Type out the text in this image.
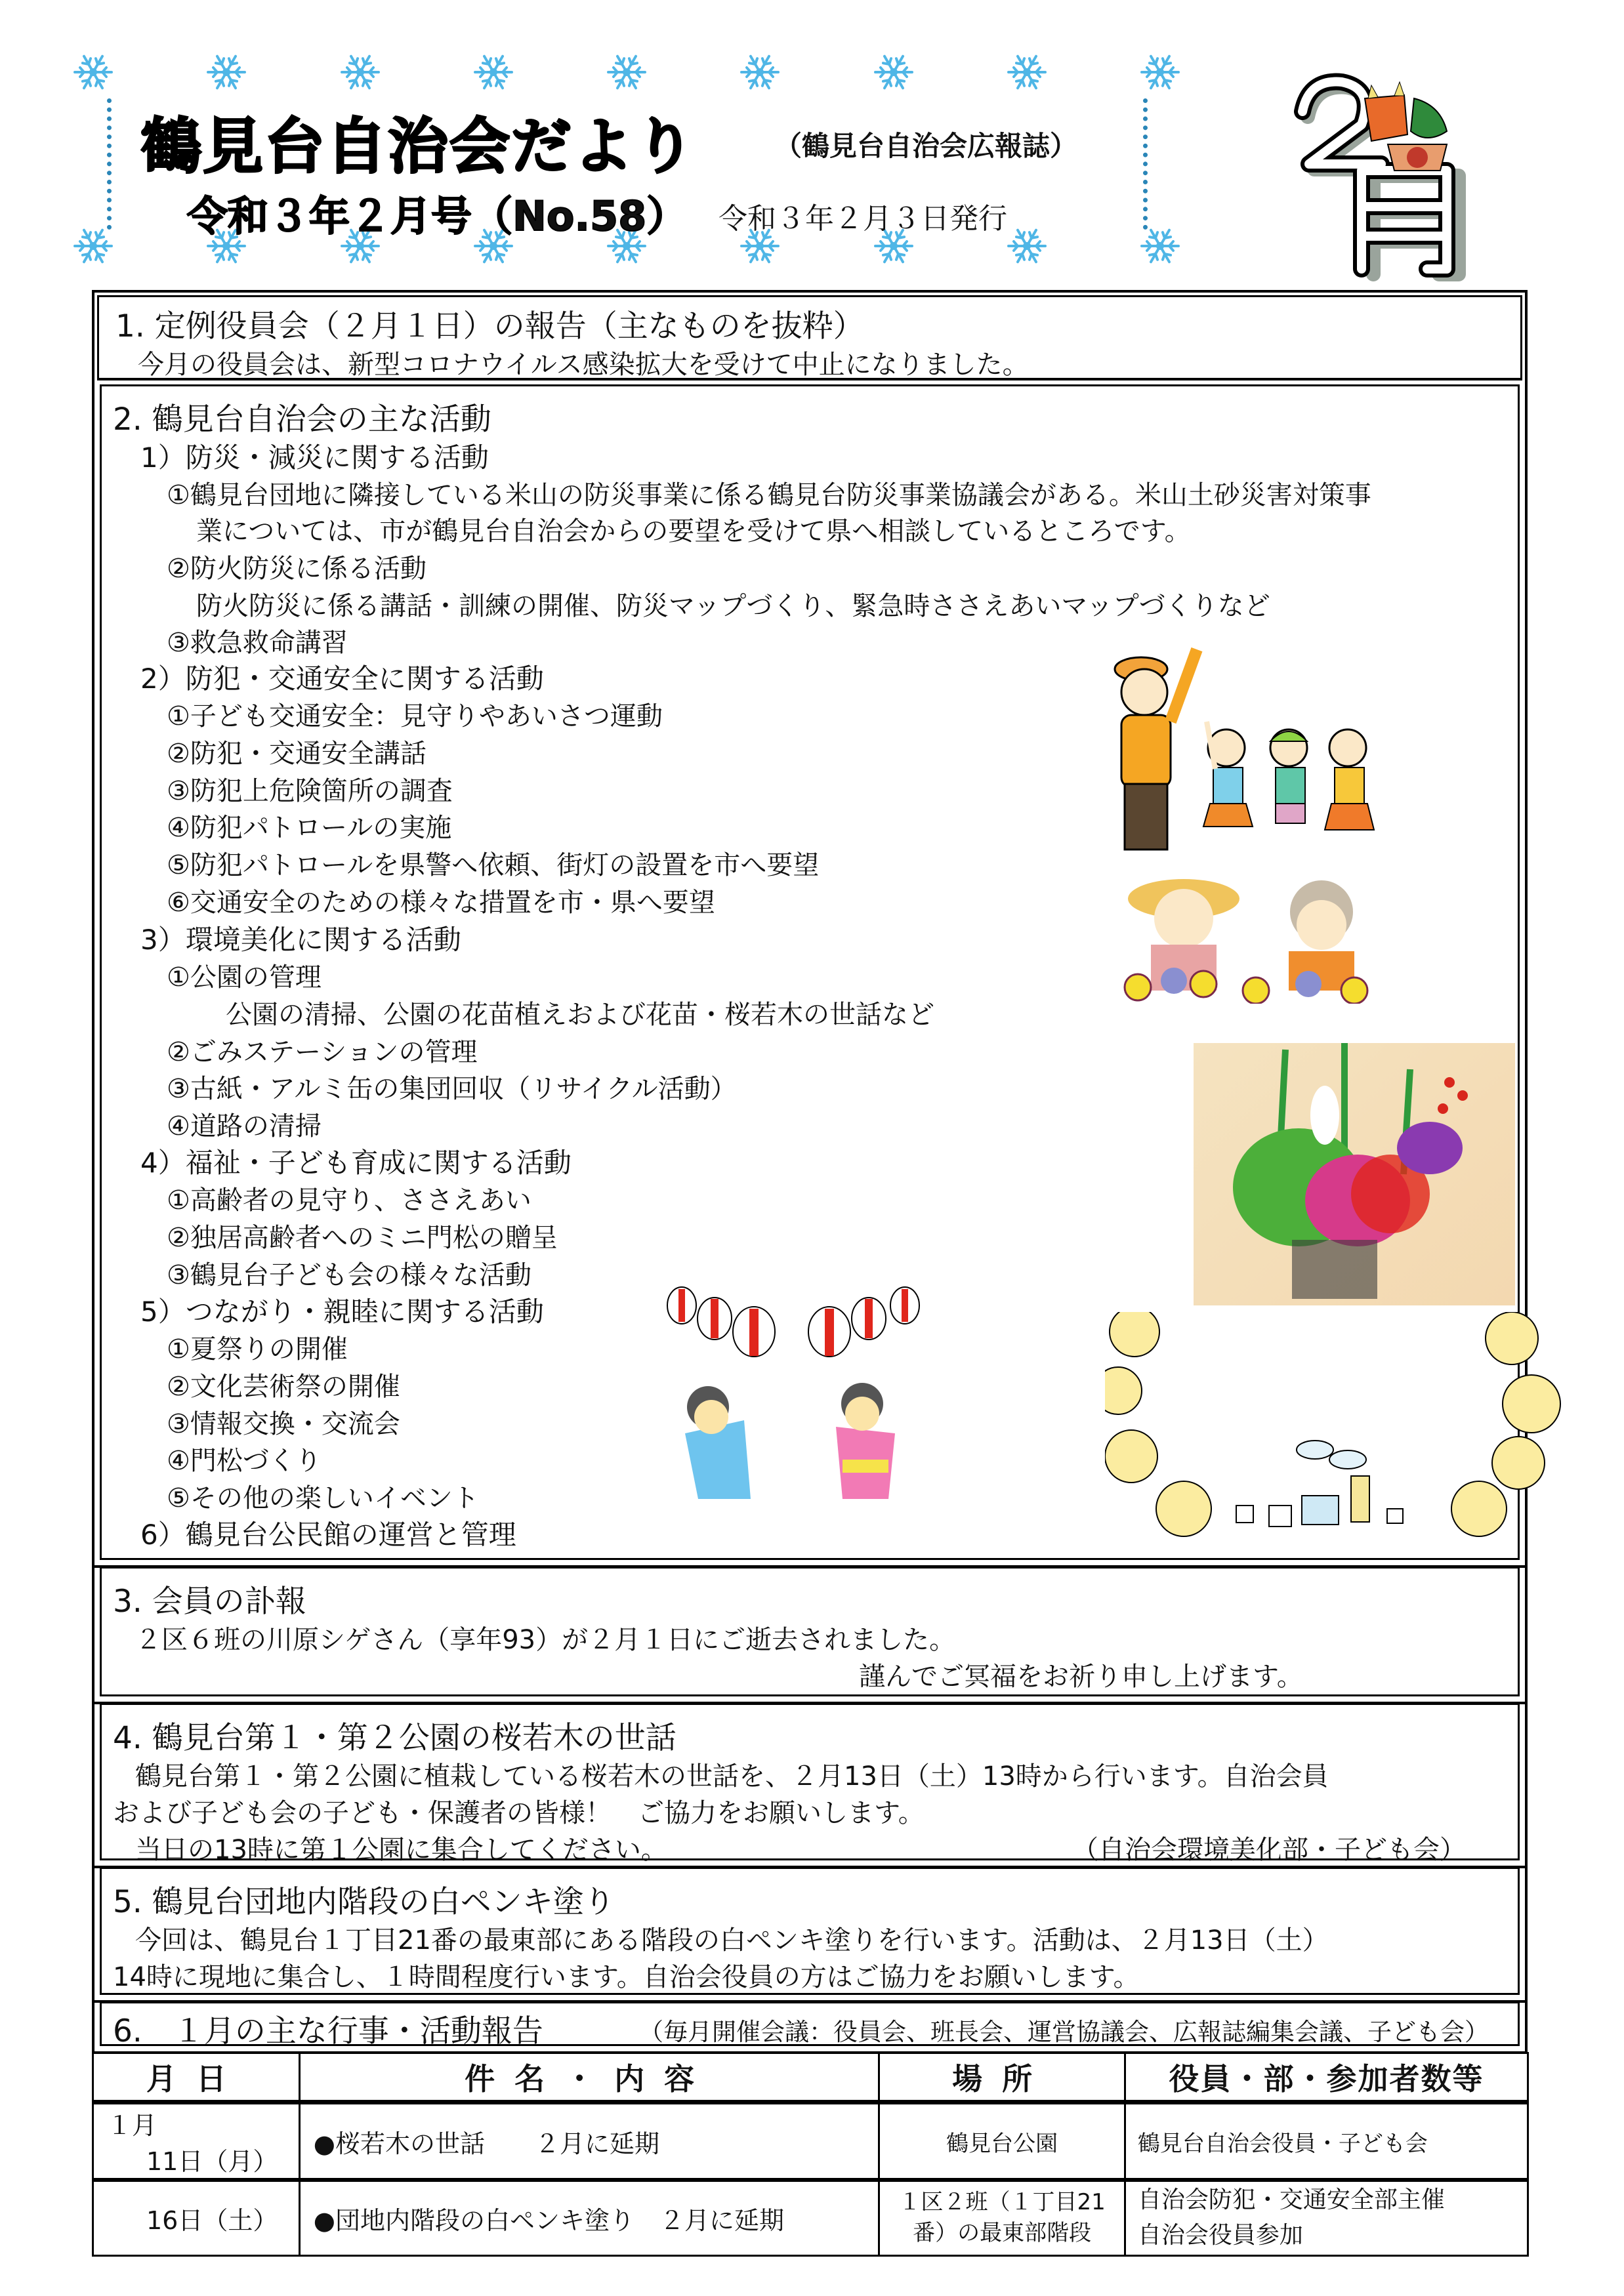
鶴見台自治会だより	（鶴見台自治会広報誌）
令和３年２月号（No.58） 令和３年２月３日発行
1. 定例役員会（２月１日）の報告（主なものを抜粋）
今月の役員会は、新型コロナウイルス感染拡大を受けて中止になりました。
2. 鶴見台自治会の主な活動
1）防災・減災に関する活動
①鶴見台団地に隣接している米山の防災事業に係る鶴見台防災事業協議会がある。米山土砂災害対策事
業については、市が鶴見台自治会からの要望を受けて県へ相談しているところです。
②防火防災に係る活動
防火防災に係る講話・訓練の開催、防災マップづくり、緊急時ささえあいマップづくりなど
③救急救命講習
2）防犯・交通安全に関する活動
①子ども交通安全：見守りやあいさつ運動
②防犯・交通安全講話
③防犯上危険箇所の調査
④防犯パトロールの実施
⑤防犯パトロールを県警へ依頼、街灯の設置を市へ要望
⑥交通安全のための様々な措置を市・県へ要望
3）環境美化に関する活動
①公園の管理
公園の清掃、公園の花苗植えおよび花苗・桜若木の世話など
②ごみステーションの管理
③古紙・アルミ缶の集団回収（リサイクル活動）
④道路の清掃
4）福祉・子ども育成に関する活動
①高齢者の見守り、ささえあい
②独居高齢者へのミニ門松の贈呈
③鶴見台子ども会の様々な活動
5）つながり・親睦に関する活動
①夏祭りの開催
②文化芸術祭の開催
③情報交換・交流会
④門松づくり
⑤その他の楽しいイベント
6）鶴見台公民館の運営と管理
3. 会員の訃報
２区６班の川原シゲさん（享年93）が２月１日にご逝去されました。
謹んでご冥福をお祈り申し上げます。
4. 鶴見台第１・第２公園の桜若木の世話
鶴見台第１・第２公園に植栽している桜若木の世話を、２月13日（土）13時から行います。自治会員
および子ども会の子ども・保護者の皆様！　ご協力をお願いします。
当日の13時に第１公園に集合してください。	（自治会環境美化部・子ども会）
5. 鶴見台団地内階段の白ペンキ塗り
今回は、鶴見台１丁目21番の最東部にある階段の白ペンキ塗りを行います。活動は、２月13日（土）
14時に現地に集合し、１時間程度行います。自治会役員の方はご協力をお願いします。
6.　１月の主な行事・活動報告	（毎月開催会議：役員会、班長会、運営協議会、広報誌編集会議、子ども会）
月日	件名・内容	場所	役員・部・参加者数等

１月
11日（月）	●桜若木の世話　　２月に延期	鶴見台公園	鶴見台自治会役員・子ども会
16日（土）	●団地内階段の白ペンキ塗り　２月に延期	１区２班（１丁目21番）の最東部階段	自治会防犯・交通安全部主催
自治会役員参加
